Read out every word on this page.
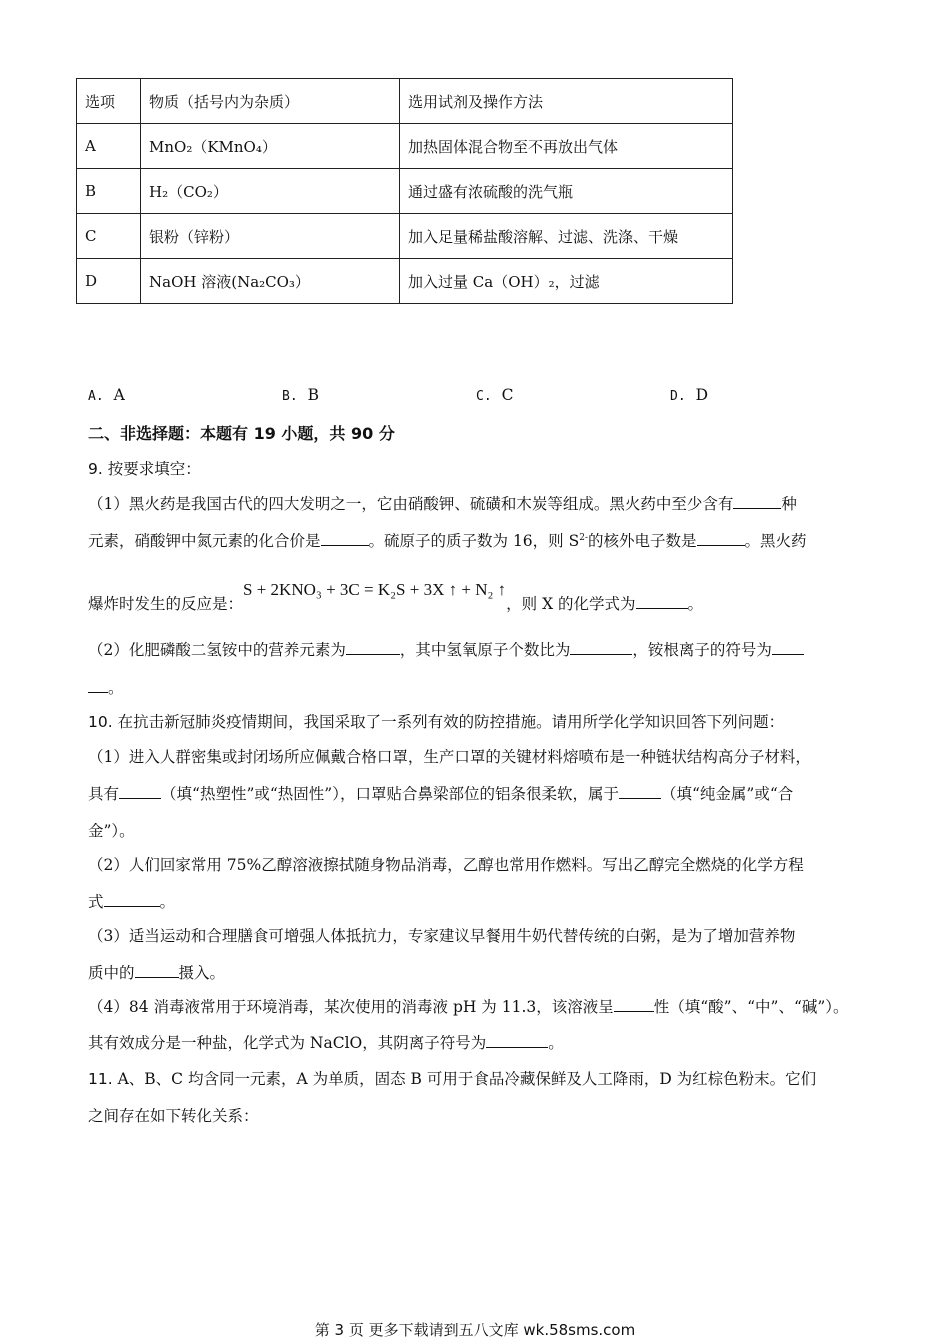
选项	物质（括号内为杂质）	选用试剂及操作方法
A	MnO₂（KMnO₄）	加热固体混合物至不再放出气体
B	H₂（CO₂）	通过盛有浓硫酸的洗气瓶
C	银粉（锌粉）	加入足量稀盐酸溶解、过滤、洗涤、干燥
D	NaOH 溶液(Na₂CO₃）	加入过量 Ca（OH）₂，过滤
A. A	B. B	C. C	D. D
二、非选择题：本题有 19 小题，共 90 分
9. 按要求填空：
（1）黑火药是我国古代的四大发明之一，它由硝酸钾、硫磺和木炭等组成。黑火药中至少含有	种
元素，硝酸钾中氮元素的化合价是	。硫原子的质子数为 16，则 $S^{2-}$的核外电子数是	。黑火药
爆炸时发生的反应是：S + 2KNO₃ + 3C = K₂S + 3X ↑ + N₂ ↑，则 X 的化学式为	。
（2）化肥磷酸二氢铵中的营养元素为	，其中氢氧原子个数比为	，铵根离子的符号为
。
10. 在抗击新冠肺炎疫情期间，我国采取了一系列有效的防控措施。请用所学化学知识回答下列问题：
（1）进入人群密集或封闭场所应佩戴合格口罩，生产口罩的关键材料熔喷布是一种链状结构高分子材料，
具有	（填“热塑性”或“热固性”），口罩贴合鼻梁部位的铝条很柔软，属于	（填“纯金属”或“合
金”）。
（2）人们回家常用 75%乙醇溶液擦拭随身物品消毒，乙醇也常用作燃料。写出乙醇完全燃烧的化学方程
式	。
（3）适当运动和合理膳食可增强人体抵抗力，专家建议早餐用牛奶代替传统的白粥，是为了增加营养物
质中的	摄入。
（4）84 消毒液常用于环境消毒，某次使用的消毒液 pH 为 11.3，该溶液呈	性（填“酸”、“中”、“碱”）。
其有效成分是一种盐，化学式为 NaClO，其阴离子符号为	。
11. A、B、C 均含同一元素，A 为单质，固态 B 可用于食品冷藏保鲜及人工降雨，D 为红棕色粉末。它们
之间存在如下转化关系：
第 3 页 更多下载请到五八文库 wk.58sms.com
